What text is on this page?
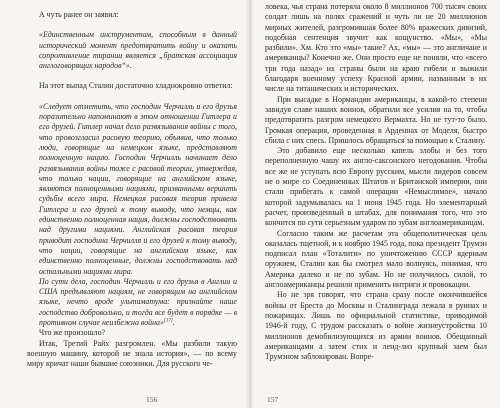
А чуть ранее он заявил:

«Единственным инструментом, способным в данный исторический момент предотвратить войну и оказать сопротивление тирании является „братская ассоциация англоговорящих народов“».

На этот выпад Сталин достаточно хладнокровно ответил:

«Следует отметить, что господин Черчилль и его друзья поразительно напоминают в этом отношении Гитлера и его друзей. Гитлер начал дело развязывания войны с того, что провозгласил расовую теорию, объявив, что только люди, говорящие на немецком языке, представляют полноценную нацию. Господин Черчилль начинает дело развязывания войны тоже с расовой теории, утверждая, что только нации, говорящие на английском языке, являются полноценными нациями, призванными вершить судьбы всего мира. Немецкая расовая теория привела Гитлера и его друзей к тому выводу, что немцы, как единственно полноценная нация, должны господствовать над другими нациями. Английская расовая теория приводит господина Черчилля и его друзей к тому выводу, что нации, говорящие на английском языке, как единственно полноценные, должны господствовать над остальными нациями мира.

По сути дела, господин Черчилль и его друзья в Англии и США предъявляют нациям, не говорящим на английском языке, нечто вроде ультиматума: признайте наше господство добровольно, и тогда все будет в порядке — в противном случае неизбежна война»[17].

Что же произошло?

Итак, Третий Райх разгромлен. «Мы разбили такую военную машину, которой не знала история», — по всему миру кричат наши бывшие союзники. Для русского че-

156

ловека, чья страна потеряла около 8 миллионов 700 тысяч своих солдат лишь на полях сражений и чуть ли не 20 миллионов мирных жителей, разгромившая более 80% вражеских дивизий, подобная сентенция звучит как кощунство. «Мы», «Мы разбили». Хм. Кто это «мы» такие? Ах, «мы» — это англичане и американцы? Конечно же. Они просто еще не поняли, что «всего три года назад» их страны были на краю гибели и выжили благодаря военному успеху Красной армии, названным в их числе на титанических и исторических.

При высадке в Нормандии американцы, в какой-то степени завидуя славе наших воинов, обратили все усилия на то, чтобы предотвратить разгром немецкого Вермахта. Но не тут-то было. Громкая операция, проведенная в Арденнах от Моделя, быстро сбила с них спесь. Пришлось обращаться за помощью к Сталину.

Это добавило еще несколько капель злобы и без того переполненную чашу их англо-саксонского негодования. Чтобы все же не уступать всю Европу русским, мысли лидеров совсем не о мире со Соединенных Штатов и Британской империи, они стали прибегать к самой операции «Немыслимое», начало которой задумывалась на 1 июня 1945 года. Но элементарный расчет, произведенный в штабах, для понимания того, что это кончится по сути серьезным ударом по зубам англоамериканцам.

Согласно таким же расчетам эта общеполитическая цель оказалась тщетной, и к ноябрю 1945 года, пока президент Трумэн подписал план «Тоталити» по уничтожению СССР ядерным оружием, Сталин как бы смотрел мало волнуясь, понимая, что Америка далеко и не по зубам. Но не получилось силой, то англоамериканцы решили применить интриги и провокации.

Но не зря говорят, что страна сразу после окончившейся войны от Бреста до Москвы и Сталинграда лежала в руинах и пожарищах. Лишь по официальной статистике, приводимой 1946-й году, С трудом рассказать о войне жизнеустройства 10 миллионов демобилизующихся из армии воинов. Обещанный американцами а затем стих и ленд-лиз крупный заем был Трумэном заблокирован. Вопре-

157
